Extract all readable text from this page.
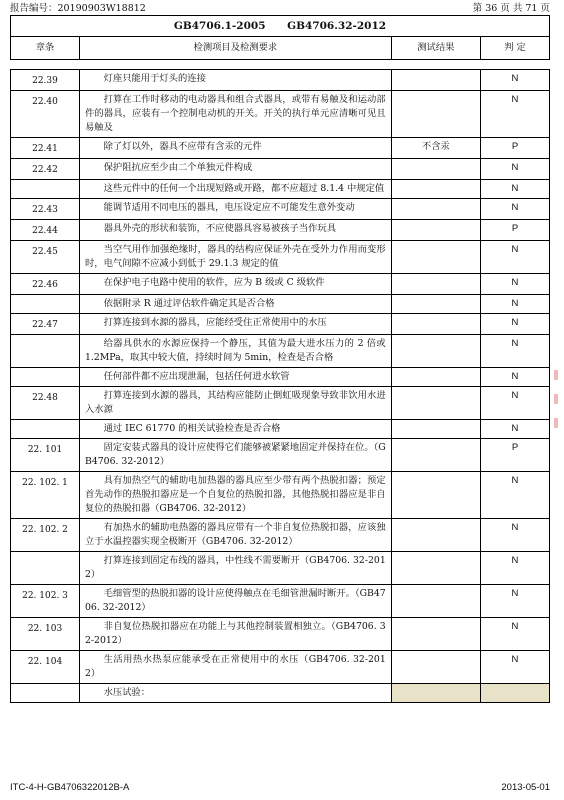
报告编号：20190903W18812	第 36 页 共 71 页
GB4706.1-2005 GB4706.32-2012
章条	检测项目及检测要求	测试结果	判 定

22.39	灯座只能用于灯头的连接		N
22.40	打算在工作时移动的电动器具和组合式器具，或带有易触及和运动部件的器具，应装有一个控制电动机的开关。开关的执行单元应清晰可见且易触及		N
22.41	除了灯以外，器具不应带有含汞的元件	不含汞	P
22.42	保护阻抗应至少由二个单独元件构成		N
	这些元件中的任何一个出现短路或开路，都不应超过 8.1.4 中规定值		N
22.43	能调节适用不同电压的器具，电压设定应不可能发生意外变动		N
22.44	器具外壳的形状和装饰，不应使器具容易被孩子当作玩具		P
22.45	当空气用作加强绝缘时，器具的结构应保证外壳在受外力作用而变形时，电气间隙不应减小到低于 29.1.3 规定的值		N
22.46	在保护电子电路中使用的软件，应为 B 级或 C 级软件		N
	依据附录 R 通过评估软件确定其是否合格		N
22.47	打算连接到水源的器具，应能经受住正常使用中的水压		N
	给器具供水的水源应保持一个静压，其值为最大进水压力的 2 倍或 1.2MPa，取其中较大值，持续时间为 5min，检查是否合格		N
	任何部件都不应出现泄漏，包括任何进水软管		N
22.48	打算连接到水源的器具，其结构应能防止倒虹吸现象导致非饮用水进入水源		N
	通过 IEC 61770 的相关试验检查是否合格		N
22. 101	固定安装式器具的设计应使得它们能够被紧紧地固定并保持在位。（GB4706. 32-2012）		P
22. 102. 1	具有加热空气的辅助电加热器的器具应至少带有两个热脱扣器；预定首先动作的热脱扣器应是一个自复位的热脱扣器，其他热脱扣器应是非自复位的热脱扣器（GB4706. 32-2012）		N
22. 102. 2	有加热水的辅助电热器的器具应带有一个非自复位热脱扣器，应该独立于水温控器实现全极断开（GB4706. 32-2012）		N
	打算连接到固定布线的器具，中性线不需要断开（GB4706. 32-2012）		N
22. 102. 3	毛细管型的热脱扣器的设计应使得触点在毛细管泄漏时断开。（GB4706. 32-2012）		N
22. 103	非自复位热脱扣器应在功能上与其他控制装置相独立。（GB4706. 32-2012）		N
22. 104	生活用热水热泵应能承受在正常使用中的水压（GB4706. 32-2012）		N
	水压试验：		
ITC-4-H-GB4706322012B-A	2013-05-01
